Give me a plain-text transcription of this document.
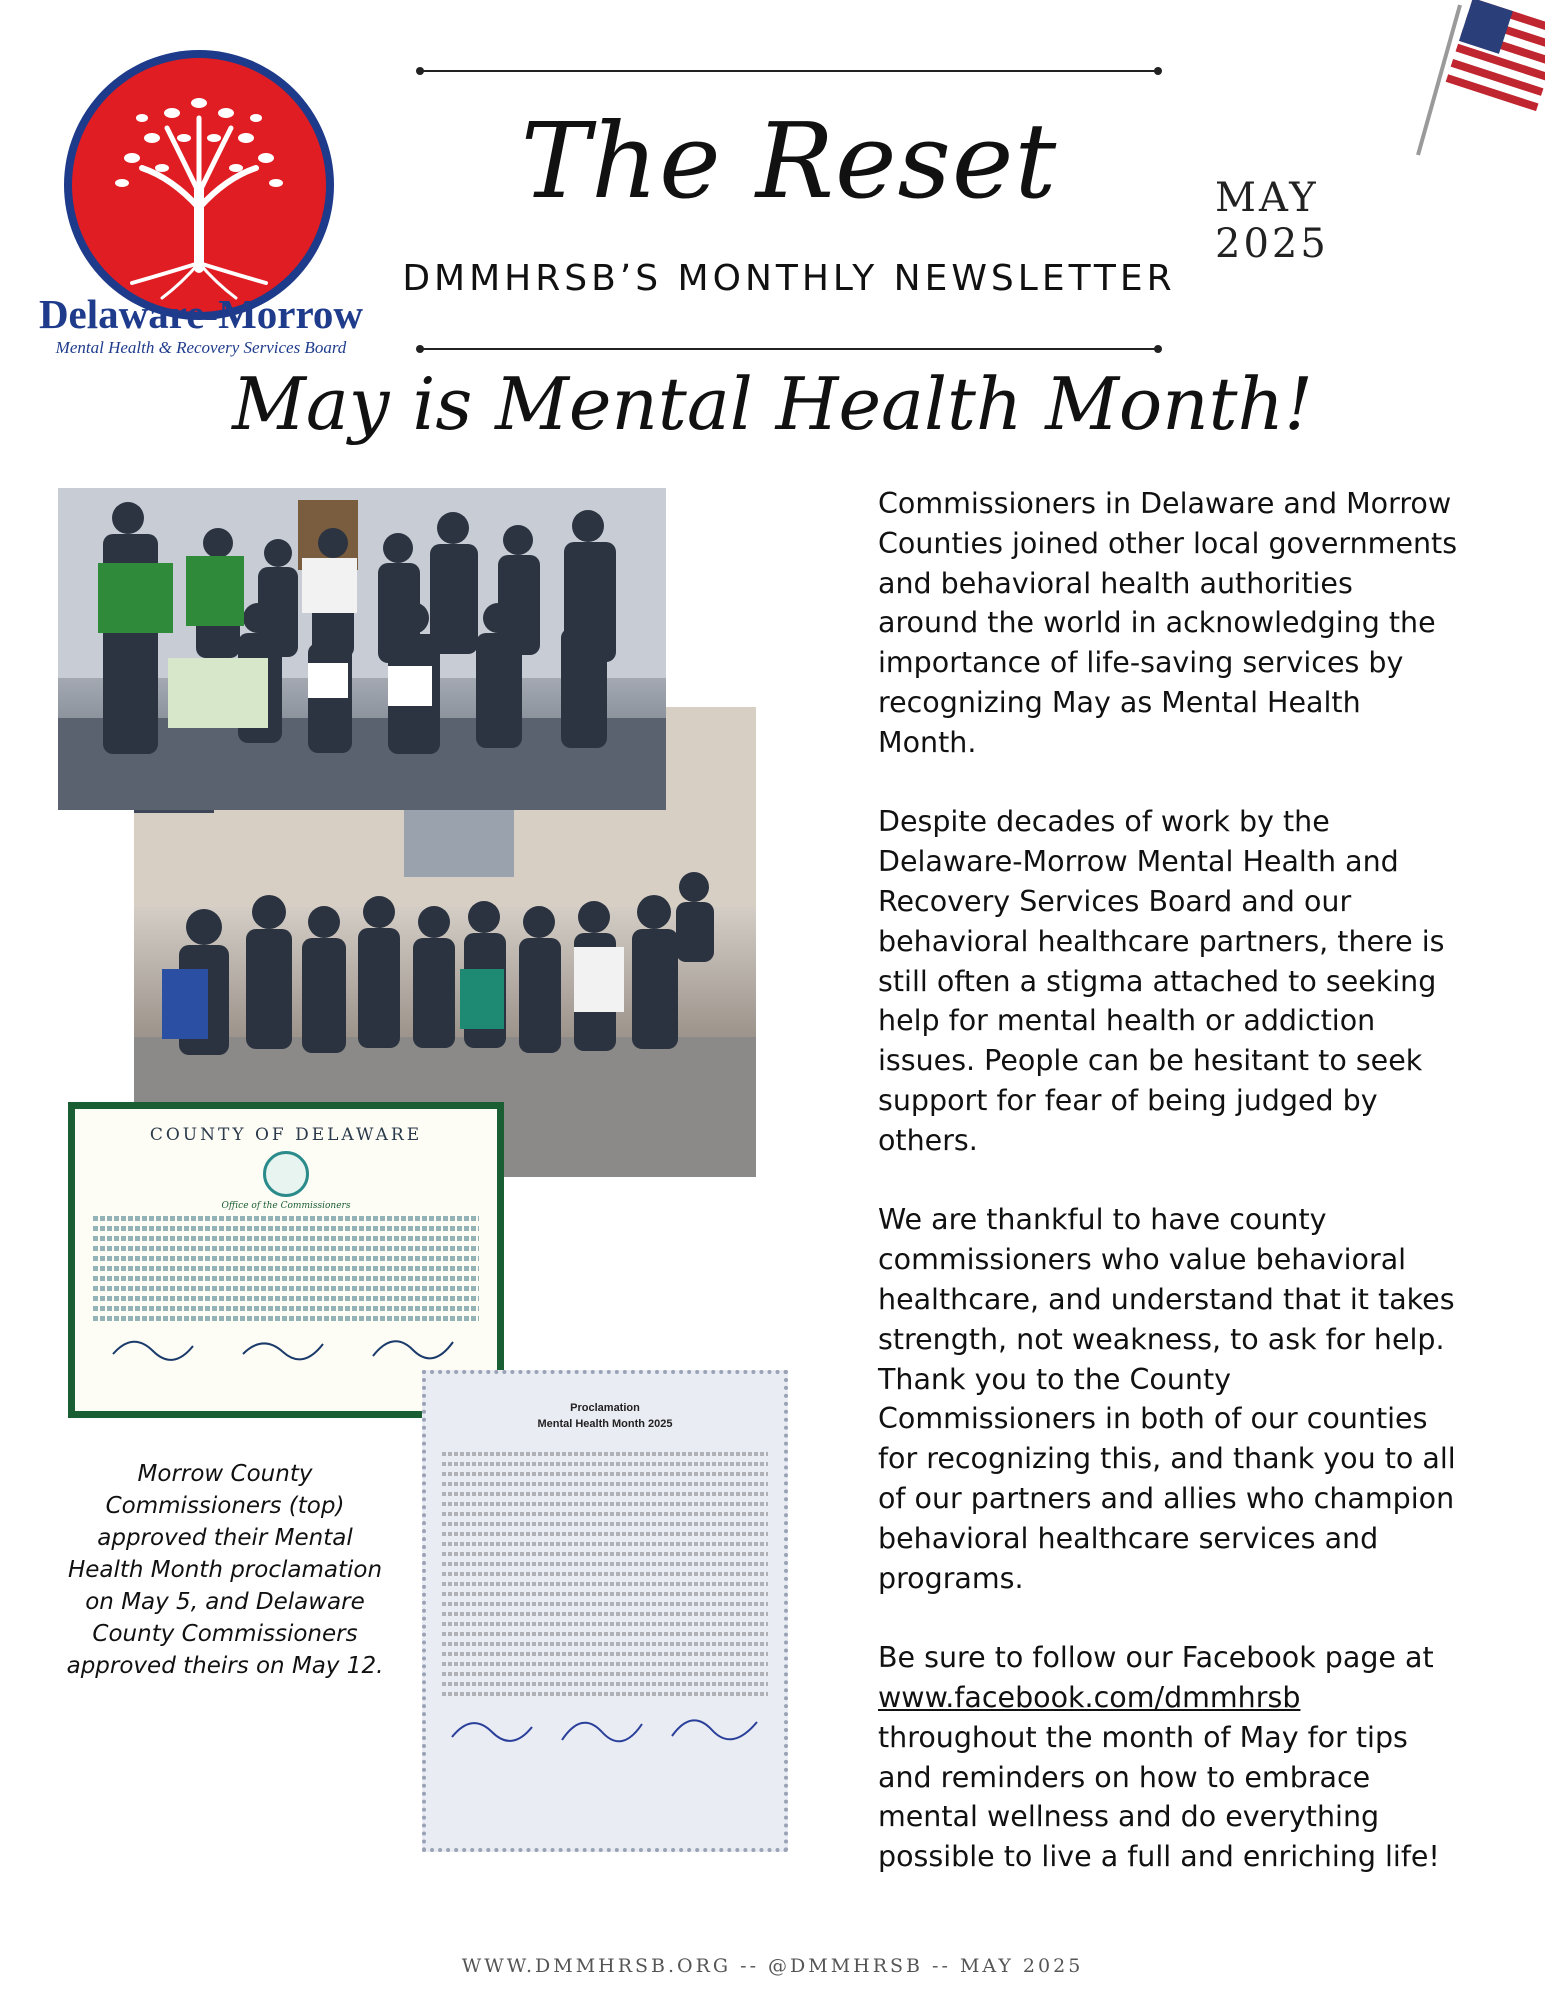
Delaware-Morrow
Mental Health & Recovery Services Board
The Reset
DMMHRSB’S MONTHLY NEWSLETTER
MAY 2025
May is Mental Health Month!
COUNTY OF DELAWARE
Office of the Commissioners
Proclamation
Mental Health Month 2025
Morrow County Commissioners (top) approved their Mental Health Month proclamation on May 5, and Delaware County Commissioners approved theirs on May 12.

Commissioners in Delaware and Morrow Counties joined other local governments and behavioral health authorities around the world in acknowledging the importance of life-saving services by recognizing May as Mental Health Month.

Despite decades of work by the Delaware-Morrow Mental Health and Recovery Services Board and our behavioral healthcare partners, there is still often a stigma attached to seeking help for mental health or addiction issues. People can be hesitant to seek support for fear of being judged by others.

We are thankful to have county commissioners who value behavioral healthcare, and understand that it takes strength, not weakness, to ask for help. Thank you to the County Commissioners in both of our counties for recognizing this, and thank you to all of our partners and allies who champion behavioral healthcare services and programs.

Be sure to follow our Facebook page at www.facebook.com/dmmhrsb throughout the month of May for tips and reminders on how to embrace mental wellness and do everything possible to live a full and enriching life!

WWW.DMMHRSB.ORG -- @DMMHRSB -- MAY 2025
